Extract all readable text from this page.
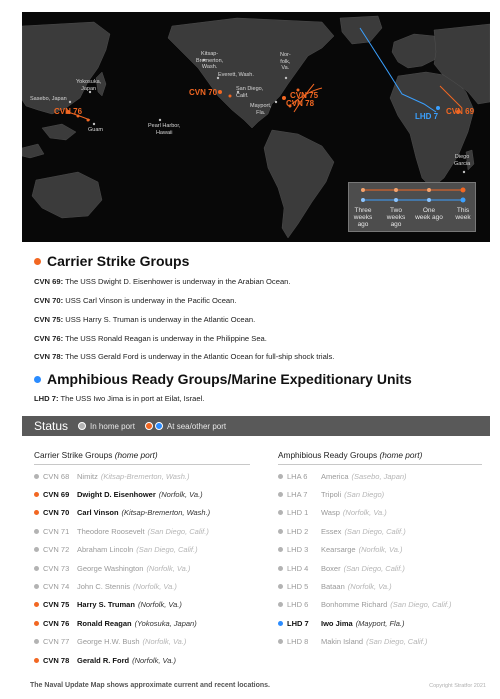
Sasebo, Japan
Yokosuka,
Japan
Guam
Pearl Harbor,
Hawaii
Kitsap-
Bremerton,
Wash.
Everett, Wash.
San Diego,
Calif.
Nor-
folk,
Va.
Mayport,
Fla.
Diego
Garcia
CVN 76
CVN 70	CVN 75
CVN 78
LHD 7
CVN 69
Three weeks ago
Two weeks ago
One week ago
This week
Carrier Strike Groups
CVN 69: The USS Dwight D. Eisenhower is underway in the Arabian Ocean.
CVN 70: USS Carl Vinson is underway in the Pacific Ocean.
CVN 75: USS Harry S. Truman is underway in the Atlantic Ocean.
CVN 76: The USS Ronald Reagan is underway in the Philippine Sea.
CVN 78: The USS Gerald Ford is underway in the Atlantic Ocean for full-ship shock trials.
Amphibious Ready Groups/Marine Expeditionary Units
LHD 7: The USS Iwo Jima is in port at Eilat, Israel.
Status	In home port	At sea/other port
Carrier Strike Groups (home port)
CVN 68	Nimitz (Kitsap-Bremerton, Wash.)
CVN 69	Dwight D. Eisenhower (Norfolk, Va.)
CVN 70	Carl Vinson (Kitsap-Bremerton, Wash.)
CVN 71	Theodore Roosevelt (San Diego, Calif.)
CVN 72	Abraham Lincoln (San Diego, Calif.)
CVN 73	George Washington (Norfolk, Va.)
CVN 74	John C. Stennis (Norfolk, Va.)
CVN 75	Harry S. Truman (Norfolk, Va.)
CVN 76	Ronald Reagan (Yokosuka, Japan)
CVN 77	George H.W. Bush (Norfolk, Va.)
CVN 78	Gerald R. Ford (Norfolk, Va.)
Amphibious Ready Groups (home port)
LHA 6	America (Sasebo, Japan)
LHA 7	Tripoli (San Diego)
LHD 1	Wasp (Norfolk, Va.)
LHD 2	Essex (San Diego, Calif.)
LHD 3	Kearsarge (Norfolk, Va.)
LHD 4	Boxer (San Diego, Calif.)
LHD 5	Bataan (Norfolk, Va.)
LHD 6	Bonhomme Richard (San Diego, Calif.)
LHD 7	Iwo Jima (Mayport, Fla.)
LHD 8	Makin Island (San Diego, Calif.)
The Naval Update Map shows approximate current and recent locations.	Copyright Stratfor 2021
